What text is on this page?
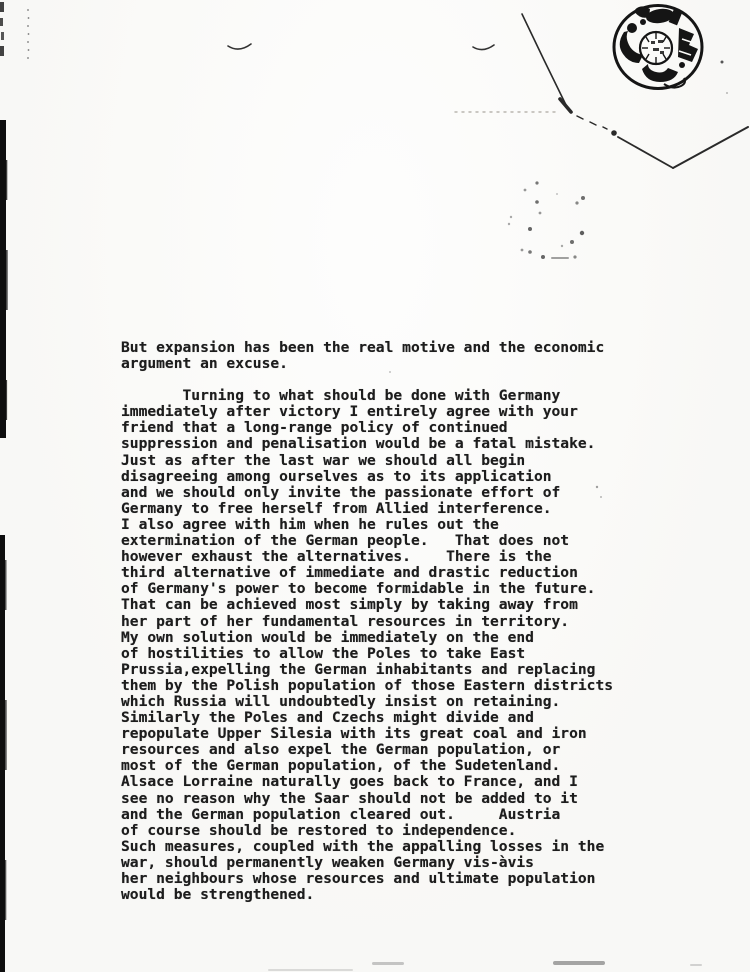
But expansion has been the real motive and the economic
argument an excuse.
Turning to what should be done with Germany
immediately after victory I entirely agree with your
friend that a long-range policy of continued
suppression and penalisation would be a fatal mistake.
Just as after the last war we should all begin
disagreeing among ourselves as to its application
and we should only invite the passionate effort of
Germany to free herself from Allied interference.
I also agree with him when he rules out the
extermination of the German people.   That does not
however exhaust the alternatives.    There is the
third alternative of immediate and drastic reduction
of Germany's power to become formidable in the future.
That can be achieved most simply by taking away from
her part of her fundamental resources in territory.
My own solution would be immediately on the end
of hostilities to allow the Poles to take East
Prussia,expelling the German inhabitants and replacing
them by the Polish population of those Eastern districts
which Russia will undoubtedly insist on retaining.
Similarly the Poles and Czechs might divide and
repopulate Upper Silesia with its great coal and iron
resources and also expel the German population, or
most of the German population, of the Sudetenland.
Alsace Lorraine naturally goes back to France, and I
see no reason why the Saar should not be added to it
and the German population cleared out.     Austria
of course should be restored to independence.
Such measures, coupled with the appalling losses in the
war, should permanently weaken Germany vis-àvis
her neighbours whose resources and ultimate population
would be strengthened.
